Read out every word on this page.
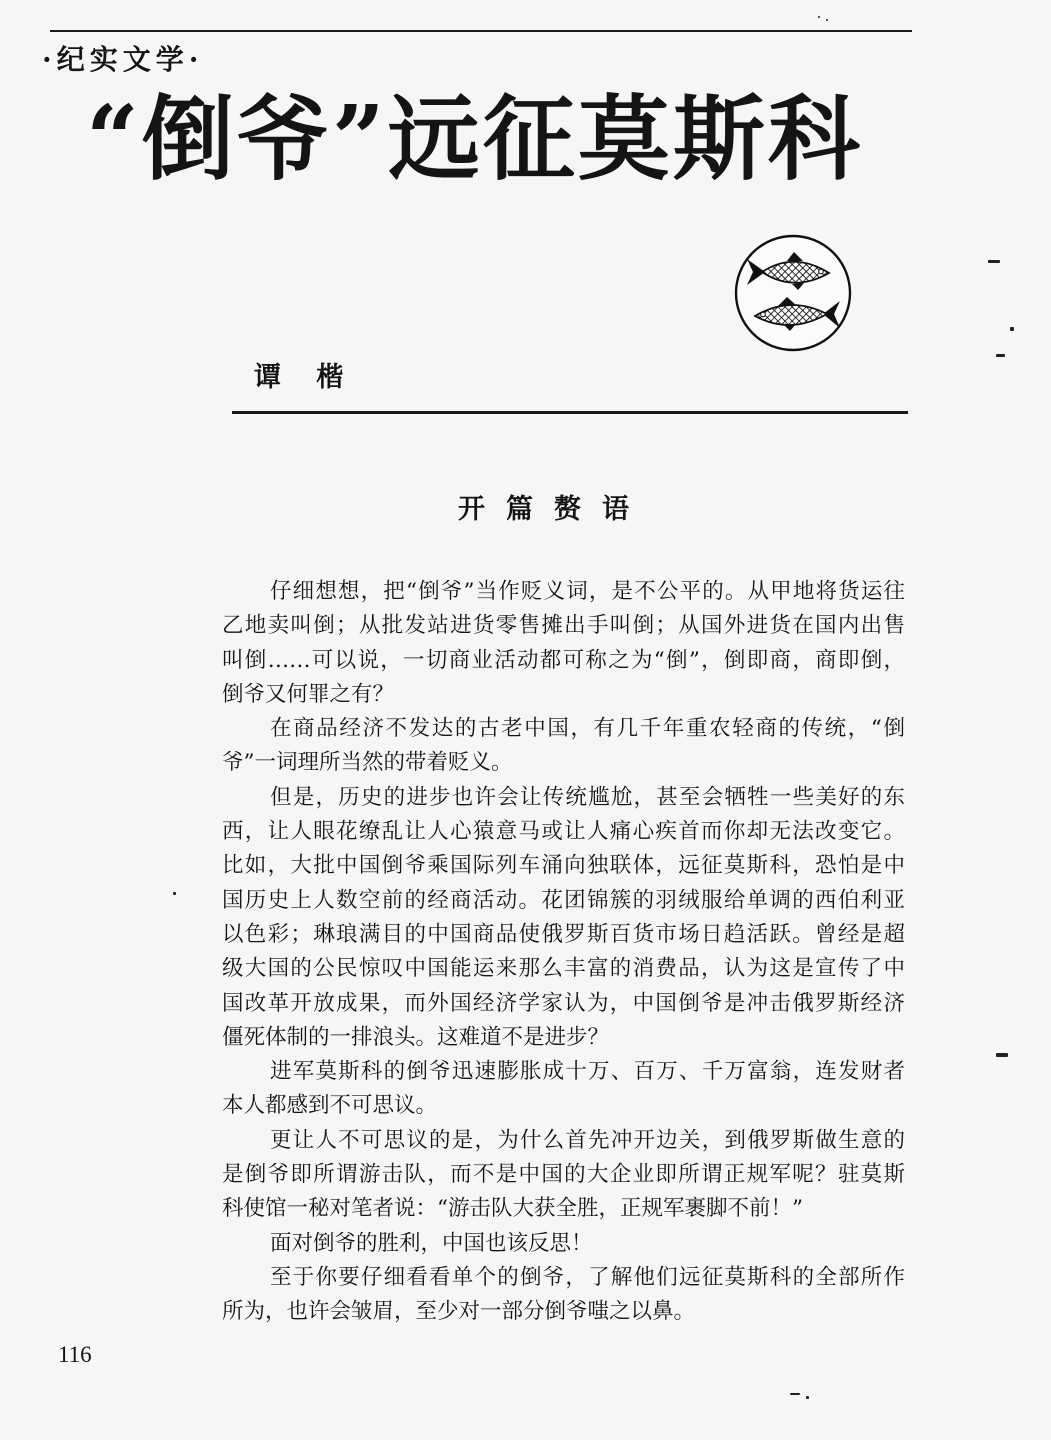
·纪实文学·
“倒爷”远征莫斯科
谭 楷
开篇赘语
仔细想想，把“倒爷”当作贬义词，是不公平的。从甲地将货运往
乙地卖叫倒；从批发站进货零售摊出手叫倒；从国外进货在国内出售
叫倒……可以说，一切商业活动都可称之为“倒”，倒即商，商即倒，
倒爷又何罪之有？
在商品经济不发达的古老中国，有几千年重农轻商的传统，“倒
爷”一词理所当然的带着贬义。
但是，历史的进步也许会让传统尴尬，甚至会牺牲一些美好的东
西，让人眼花缭乱让人心猿意马或让人痛心疾首而你却无法改变它。
比如，大批中国倒爷乘国际列车涌向独联体，远征莫斯科，恐怕是中
国历史上人数空前的经商活动。花团锦簇的羽绒服给单调的西伯利亚
以色彩；琳琅满目的中国商品使俄罗斯百货市场日趋活跃。曾经是超
级大国的公民惊叹中国能运来那么丰富的消费品，认为这是宣传了中
国改革开放成果，而外国经济学家认为，中国倒爷是冲击俄罗斯经济
僵死体制的一排浪头。这难道不是进步？
进军莫斯科的倒爷迅速膨胀成十万、百万、千万富翁，连发财者
本人都感到不可思议。
更让人不可思议的是，为什么首先冲开边关，到俄罗斯做生意的
是倒爷即所谓游击队，而不是中国的大企业即所谓正规军呢？驻莫斯
科使馆一秘对笔者说：“游击队大获全胜，正规军裹脚不前！”
面对倒爷的胜利，中国也该反思！
至于你要仔细看看单个的倒爷，了解他们远征莫斯科的全部所作
所为，也许会皱眉，至少对一部分倒爷嗤之以鼻。
116
